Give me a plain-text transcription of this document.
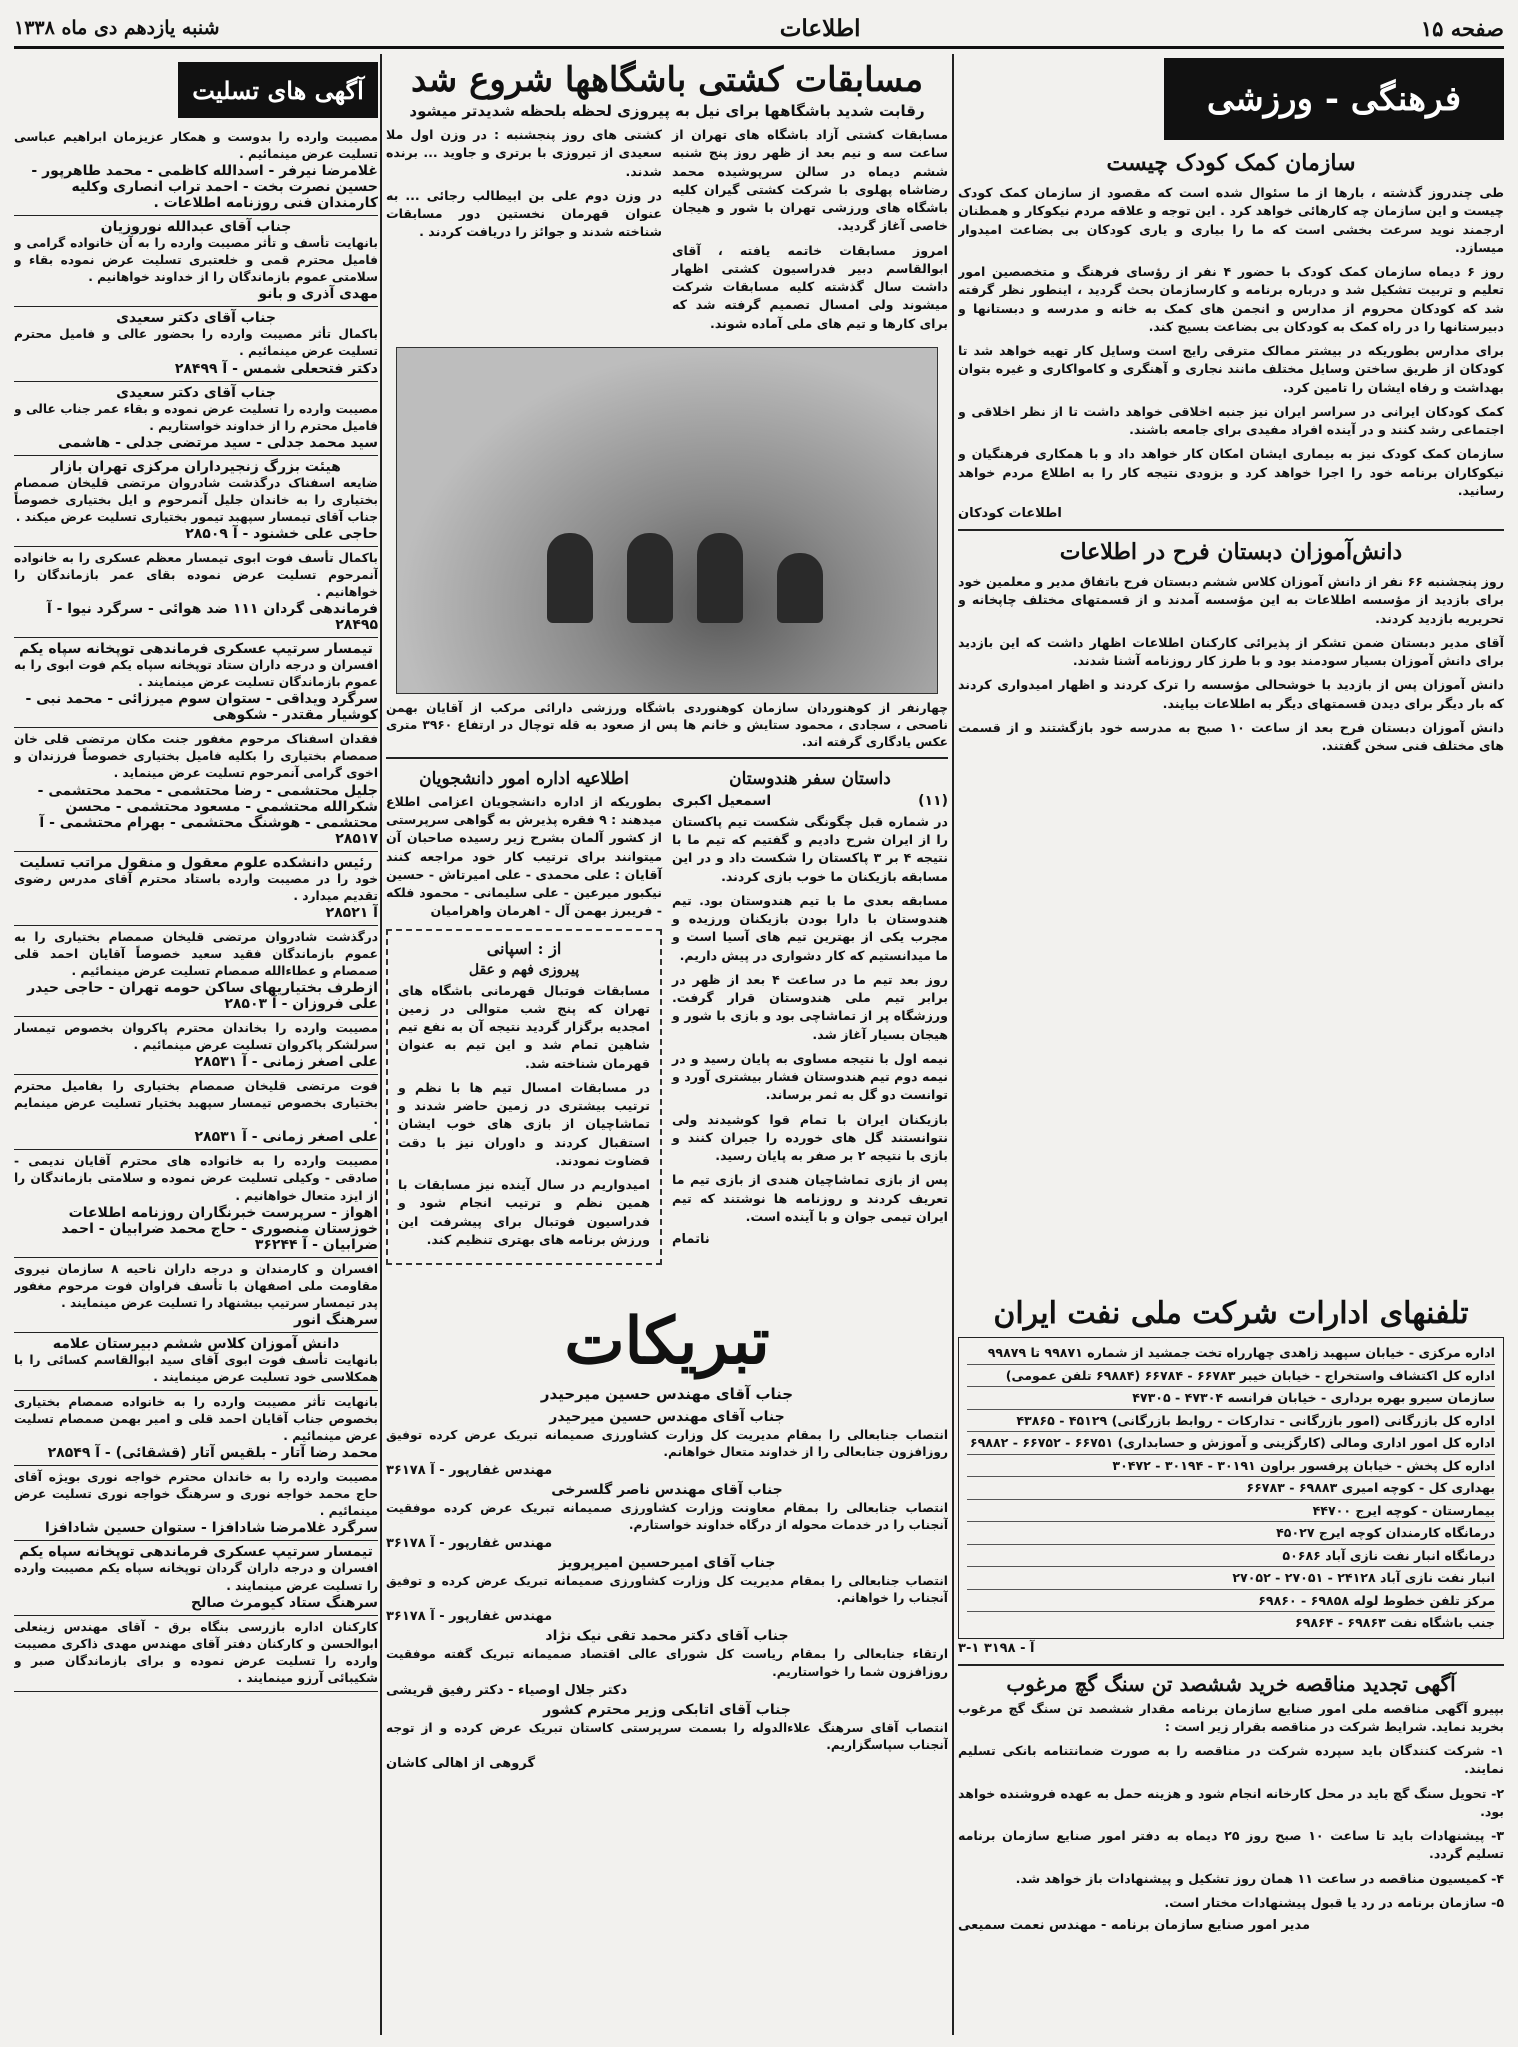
صفحه ۱۵
اطلاعات
شنبه یازدهم دی ماه ۱۳۳۸
فرهنگی - ورزشی
سازمان کمک کودک چیست

طی چندروز گذشته ، بارها از ما سئوال شده است که مقصود از سازمان کمک کودک چیست و این سازمان چه کارهائی خواهد کرد . این توجه و علاقه مردم نیکوکار و همطنان ارجمند نوید سرعت بخشی است که ما را بیاری و یاری کودکان بی بضاعت امیدوار میسازد.

روز ۶ دیماه سازمان کمک کودک با حضور ۴ نفر از رؤسای فرهنگ و متخصصین امور تعلیم و تربیت تشکیل شد و درباره برنامه و کارسازمان بحث گردید ، اینطور نظر گرفته شد که کودکان محروم از مدارس و انجمن های کمک به خانه و مدرسه و دبستانها و دبیرستانها را در راه کمک به کودکان بی بضاعت بسیج کند.

برای مدارس بطوریکه در بیشتر ممالک مترقی رایج است وسایل کار تهیه خواهد شد تا کودکان از طریق ساختن وسایل مختلف مانند نجاری و آهنگری و کامواکاری و غیره بتوان بهداشت و رفاه ایشان را تامین کرد.

کمک کودکان ایرانی در سراسر ایران نیز جنبه اخلاقی خواهد داشت تا از نظر اخلاقی و اجتماعی رشد کنند و در آینده افراد مفیدی برای جامعه باشند.

سازمان کمک کودک نیز به بیماری ایشان امکان کار خواهد داد و با همکاری فرهنگیان و نیکوکاران برنامه خود را اجرا خواهد کرد و بزودی نتیجه کار را به اطلاع مردم خواهد رسانید.

اطلاعات کودکان
دانش‌آموزان دبستان فرح در اطلاعات

روز پنجشنبه ۶۶ نفر از دانش آموزان کلاس ششم دبستان فرح باتفاق مدیر و معلمین خود برای بازدید از مؤسسه اطلاعات به این مؤسسه آمدند و از قسمتهای مختلف چاپخانه و تحریریه بازدید کردند.

آقای مدیر دبستان ضمن تشکر از پذیرائی کارکنان اطلاعات اظهار داشت که این بازدید برای دانش آموزان بسیار سودمند بود و با طرز کار روزنامه آشنا شدند.

دانش آموزان پس از بازدید با خوشحالی مؤسسه را ترک کردند و اظهار امیدواری کردند که بار دیگر برای دیدن قسمتهای دیگر به اطلاعات بیایند.

دانش آموزان دبستان فرح بعد از ساعت ۱۰ صبح به مدرسه خود بازگشتند و از قسمت های مختلف فنی سخن گفتند.

مسابقات کشتی باشگاهها شروع شد
رقابت شدید باشگاهها برای نیل به پیروزی لحظه بلحظه شدیدتر میشود

مسابقات کشتی آزاد باشگاه های تهران از ساعت سه و نیم بعد از ظهر روز پنج شنبه ششم دیماه در سالن سرپوشیده محمد رضاشاه پهلوی با شرکت کشتی گیران کلیه باشگاه های ورزشی تهران با شور و هیجان خاصی آغاز گردید.

امروز مسابقات خاتمه یافته ، آقای ابوالقاسم دبیر فدراسیون کشتی اظهار داشت سال گذشته کلیه مسابقات شرکت میشوند ولی امسال تصمیم گرفته شد که برای کارها و تیم های ملی آماده شوند.

کشتی های روز پنجشنبه : در وزن اول ملا سعیدی از تیروزی با برتری و جاوید ... برنده شدند.

در وزن دوم علی بن ابیطالب رجائی ... به عنوان قهرمان نخستین دور مسابقات شناخته شدند و جوائز را دریافت کردند .

چهارنفر از کوهنوردان سازمان کوهنوردی باشگاه ورزشی دارائی مرکب از آقایان بهمن ناصحی ، سجادی ، محمود ستایش و خانم ها پس از صعود به قله توچال در ارتفاع ۳۹۶۰ متری عکس یادگاری گرفته اند.

داستان سفر هندوستان
(۱۱)
اسمعیل اکبری

در شماره قبل چگونگی شکست تیم پاکستان را از ایران شرح دادیم و گفتیم که تیم ما با نتیجه ۴ بر ۳ پاکستان را شکست داد و در این مسابقه بازیکنان ما خوب بازی کردند.

مسابقه بعدی ما با تیم هندوستان بود. تیم هندوستان با دارا بودن بازیکنان ورزیده و مجرب یکی از بهترین تیم های آسیا است و ما میدانستیم که کار دشواری در پیش داریم.

روز بعد تیم ما در ساعت ۴ بعد از ظهر در برابر تیم ملی هندوستان قرار گرفت. ورزشگاه پر از تماشاچی بود و بازی با شور و هیجان بسیار آغاز شد.

نیمه اول با نتیجه مساوی به پایان رسید و در نیمه دوم تیم هندوستان فشار بیشتری آورد و توانست دو گل به ثمر برساند.

بازیکنان ایران با تمام قوا کوشیدند ولی نتوانستند گل های خورده را جبران کنند و بازی با نتیجه ۲ بر صفر به پایان رسید.

پس از بازی تماشاچیان هندی از بازی تیم ما تعریف کردند و روزنامه ها نوشتند که تیم ایران تیمی جوان و با آینده است.

ناتمام

اطلاعیه اداره امور دانشجویان

بطوریکه از اداره دانشجویان اعزامی اطلاع میدهند : ۹ فقره پذیرش به گواهی سرپرستی از کشور آلمان بشرح زیر رسیده صاحبان آن میتوانند برای ترتیب کار خود مراجعه کنند آقایان : علی محمدی - علی امیرتاش - حسین نیکبور میرعین - علی سلیمانی - محمود فلکه - فریبرز بهمن آل - اهرمان واهرامیان

از : اسپانی
پیروزی فهم و عقل

مسابقات فوتبال قهرمانی باشگاه های تهران که پنج شب متوالی در زمین امجدیه برگزار گردید نتیجه آن به نفع تیم شاهین تمام شد و این تیم به عنوان قهرمان شناخته شد.

در مسابقات امسال تیم ها با نظم و ترتیب بیشتری در زمین حاضر شدند و تماشاچیان از بازی های خوب ایشان استقبال کردند و داوران نیز با دقت قضاوت نمودند.

امیدواریم در سال آینده نیز مسابقات با همین نظم و ترتیب انجام شود و فدراسیون فوتبال برای پیشرفت این ورزش برنامه های بهتری تنظیم کند.

تلفنهای ادارات شرکت ملی نفت ایران
اداره مرکزی - خیابان سپهبد زاهدی چهارراه تخت جمشید از شماره ۹۹۸۷۱ تا ۹۹۸۷۹
اداره کل اکتشاف واستخراج - خیابان خیبر ۶۶۷۸۳ - ۶۶۷۸۴ (۶۹۸۸۴ تلفن عمومی)
سازمان سیرو بهره برداری - خیابان فرانسه ۴۷۳۰۴ - ۴۷۳۰۵
اداره کل بازرگانی (امور بازرگانی - تدارکات - روابط بازرگانی) ۴۵۱۲۹ - ۴۳۸۶۵
اداره کل امور اداری ومالی (کارگزینی و آموزش و حسابداری) ۶۶۷۵۱ - ۶۶۷۵۲ - ۶۹۸۸۲
اداره کل پخش - خیابان پرفسور براون ۳۰۱۹۱ - ۳۰۱۹۴ - ۳۰۴۷۲
بهداری کل - کوچه امیری ۶۹۸۸۳ - ۶۶۷۸۳
بیمارستان - کوچه ایرج ۴۴۷۰۰
درمانگاه کارمندان کوچه ایرج ۴۵۰۲۷
درمانگاه انبار نفت نازی آباد ۵۰۶۸۶
انبار نفت نازی آباد ۲۴۱۲۸ - ۲۷۰۵۱ - ۲۷۰۵۲
مرکز تلفن خطوط لوله ۶۹۸۵۸ - ۶۹۸۶۰
جنب باشگاه نفت ۶۹۸۶۳ - ۶۹۸۶۴
آ - ۳۱۹۸ ۱-۳
آگهی تجدید مناقصه خرید ششصد تن سنگ گچ مرغوب

بپیرو آگهی مناقصه ملی امور صنایع سازمان برنامه مقدار ششصد تن سنگ گچ مرغوب بخرید نماید. شرایط شرکت در مناقصه بقرار زیر است :

۱- شرکت کنندگان باید سپرده شرکت در مناقصه را به صورت ضمانتنامه بانکی تسلیم نمایند.

۲- تحویل سنگ گچ باید در محل کارخانه انجام شود و هزینه حمل به عهده فروشنده خواهد بود.

۳- پیشنهادات باید تا ساعت ۱۰ صبح روز ۲۵ دیماه به دفتر امور صنایع سازمان برنامه تسلیم گردد.

۴- کمیسیون مناقصه در ساعت ۱۱ همان روز تشکیل و پیشنهادات باز خواهد شد.

۵- سازمان برنامه در رد یا قبول پیشنهادات مختار است.

مدیر امور صنایع سازمان برنامه - مهندس نعمت سمیعی
تبریکات
جناب آقای مهندس حسین میرحیدر

جناب آقای مهندس حسین میرحیدر

انتصاب جنابعالی را بمقام مدیریت کل وزارت کشاورزی صمیمانه تبریک عرض کرده توفیق روزافزون جنابعالی را از خداوند متعال خواهانم.

مهندس غفارپور - آ ۳۶۱۷۸

جناب آقای مهندس ناصر گلسرخی

انتصاب جنابعالی را بمقام معاونت وزارت کشاورزی صمیمانه تبریک عرض کرده موفقیت آنجناب را در خدمات محوله از درگاه خداوند خواستارم.

مهندس غفارپور - آ ۳۶۱۷۸

جناب آقای امیرحسین امیرپرویز

انتصاب جنابعالی را بمقام مدیریت کل وزارت کشاورزی صمیمانه تبریک عرض کرده و توفیق آنجناب را خواهانم.

مهندس غفارپور - آ ۳۶۱۷۸

جناب آقای دکتر محمد تقی نیک نژاد

ارتقاء جنابعالی را بمقام ریاست کل شورای عالی اقتصاد صمیمانه تبریک گفته موفقیت روزافزون شما را خواستاریم.

دکتر جلال اوصیاء - دکتر رفیق قریشی

جناب آقای اتابکی وزیر محترم کشور

انتصاب آقای سرهنگ علاءالدوله را بسمت سرپرستی کاستان تبریک عرض کرده و از توجه آنجناب سپاسگزاریم.

گروهی از اهالی کاشان

آگهی های تسلیت

مصیبت وارده را بدوست و همکار عزیزمان ابراهیم عباسی تسلیت عرض مینمائیم .

غلامرضا نیرفر - اسدالله کاظمی - محمد طاهرپور - حسین نصرت بخت - احمد تراب انصاری وکلیه کارمندان فنی روزنامه اطلاعات .

جناب آقای عبدالله نوروزیان

بانهایت تأسف و تأثر مصیبت وارده را به آن خانواده گرامی و فامیل محترم قمی و خلعتبری تسلیت عرض نموده بقاء و سلامتی عموم بازماندگان را از خداوند خواهانیم .

مهدی آذری و بانو

جناب آقای دکتر سعیدی

باکمال تأثر مصیبت وارده را بحضور عالی و فامیل محترم تسلیت عرض مینمائیم .

دکتر فتحعلی شمس - آ ۲۸۴۹۹

جناب آقای دکتر سعیدی

مصیبت وارده را تسلیت عرض نموده و بقاء عمر جناب عالی و فامیل محترم را از خداوند خواستاریم .

سید محمد جدلی - سید مرتضی جدلی - هاشمی

هیئت بزرگ زنجیرداران مرکزی تهران بازار

ضایعه اسفناک درگذشت شادروان مرتضی قلیخان صمصام بختیاری را به خاندان جلیل آنمرحوم و ایل بختیاری خصوصاً جناب آقای تیمسار سپهبد تیمور بختیاری تسلیت عرض میکند .

حاجی علی خشنود - آ ۲۸۵۰۹

باکمال تأسف فوت ابوی تیمسار معظم عسکری را به خانواده آنمرحوم تسلیت عرض نموده بقای عمر بازماندگان را خواهانیم .

فرماندهی گردان ۱۱۱ ضد هوائی - سرگرد نیوا - آ ۲۸۴۹۵

تیمسار سرتیپ عسکری فرماندهی توپخانه سپاه یکم

افسران و درجه داران ستاد توپخانه سپاه یکم فوت ابوی را به عموم بازماندگان تسلیت عرض مینمایند .

سرگرد ویداقی - ستوان سوم میرزائی - محمد نبی - کوشیار مقتدر - شکوهی

فقدان اسفناک مرحوم مغفور جنت مکان مرتضی قلی خان صمصام بختیاری را بکلیه فامیل بختیاری خصوصاً فرزندان و اخوی گرامی آنمرحوم تسلیت عرض مینماید .

جلیل محتشمی - رضا محتشمی - محمد محتشمی - شکرالله محتشمی - مسعود محتشمی - محسن محتشمی - هوشنگ محتشمی - بهرام محتشمی - آ ۲۸۵۱۷

رئیس دانشکده علوم معقول و منقول مراتب تسلیت

خود را در مصیبت وارده باستاد محترم آقای مدرس رضوی تقدیم میدارد .

آ ۲۸۵۲۱

درگذشت شادروان مرتضی قلیخان صمصام بختیاری را به عموم بازماندگان فقید سعید خصوصاً آقایان احمد قلی صمصام و عطاءالله صمصام تسلیت عرض مینمائیم .

ازطرف بختیاریهای ساکن حومه تهران - حاجی حیدر علی فروزان - آ ۲۸۵۰۳

مصیبت وارده را بخاندان محترم پاکروان بخصوص تیمسار سرلشکر پاکروان تسلیت عرض مینمائیم .

علی اصغر زمانی - آ ۲۸۵۳۱

فوت مرتضی قلیخان صمصام بختیاری را بفامیل محترم بختیاری بخصوص تیمسار سپهبد بختیار تسلیت عرض مینمایم .

علی اصغر زمانی - آ ۲۸۵۳۱

مصیبت وارده را به خانواده های محترم آقایان ندیمی - صادقی - وکیلی تسلیت عرض نموده و سلامتی بازماندگان را از ایزد متعال خواهانیم .

اهواز - سرپرست خبرنگاران روزنامه اطلاعات خوزستان منصوری - حاج محمد ضرابیان - احمد ضرابیان - آ ۳۶۲۴۴

افسران و کارمندان و درجه داران ناحیه ۸ سازمان نیروی مقاومت ملی اصفهان با تأسف فراوان فوت مرحوم مغفور پدر تیمسار سرتیپ بیشنهاد را تسلیت عرض مینمایند .

سرهنگ انور

دانش آموزان کلاس ششم دبیرستان علامه

بانهایت تأسف فوت ابوی آقای سید ابوالقاسم کسائی را با همکلاسی خود تسلیت عرض مینمایند .

بانهایت تأثر مصیبت وارده را به خانواده صمصام بختیاری بخصوص جناب آقایان احمد قلی و امیر بهمن صمصام تسلیت عرض مینمائیم .

محمد رضا آتار - بلقیس آتار (قشقائی) - آ ۲۸۵۴۹

مصیبت وارده را به خاندان محترم خواجه نوری بویژه آقای حاج محمد خواجه نوری و سرهنگ خواجه نوری تسلیت عرض مینمائیم .

سرگرد غلامرضا شادافزا - ستوان حسین شادافزا

تیمسار سرتیپ عسکری فرماندهی توپخانه سپاه یکم

افسران و درجه داران گردان توپخانه سپاه یکم مصیبت وارده را تسلیت عرض مینمایند .

سرهنگ ستاد کیومرث صالح

کارکنان اداره بازرسی بنگاه برق - آقای مهندس زینعلی ابوالحسن و کارکنان دفتر آقای مهندس مهدی ذاکری مصیبت وارده را تسلیت عرض نموده و برای بازماندگان صبر و شکیبائی آرزو مینمایند .
